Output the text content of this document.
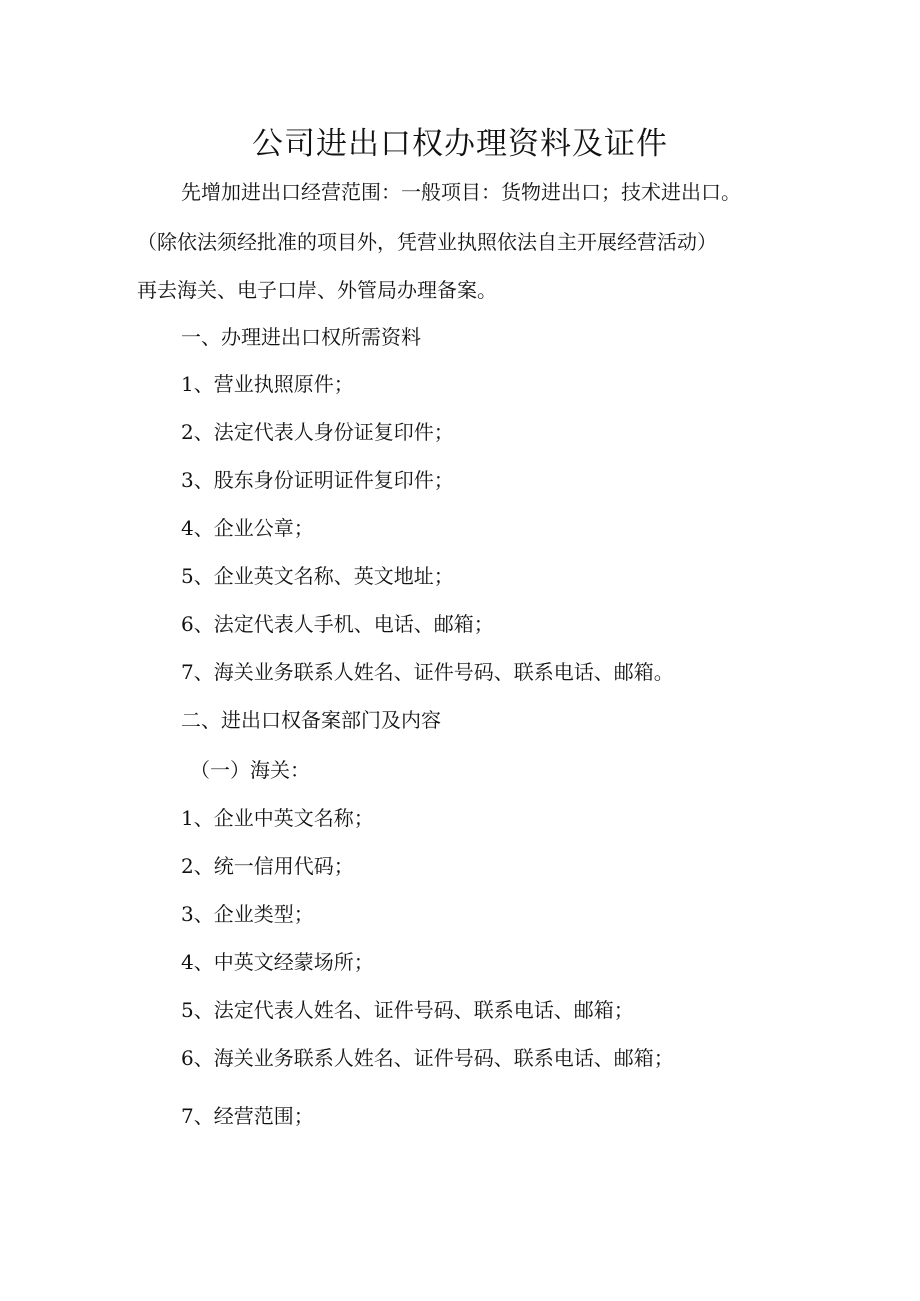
公司进出口权办理资料及证件
先增加进出口经营范围：一般项目：货物进出口；技术进出口。
（除依法须经批准的项目外，凭营业执照依法自主开展经营活动）
再去海关、电子口岸、外管局办理备案。
一、办理进出口权所需资料
1、营业执照原件；
2、法定代表人身份证复印件；
3、股东身份证明证件复印件；
4、企业公章；
5、企业英文名称、英文地址；
6、法定代表人手机、电话、邮箱；
7、海关业务联系人姓名、证件号码、联系电话、邮箱。
二、进出口权备案部门及内容
（一）海关：
1、企业中英文名称；
2、统一信用代码；
3、企业类型；
4、中英文经蒙场所；
5、法定代表人姓名、证件号码、联系电话、邮箱；
6、海关业务联系人姓名、证件号码、联系电话、邮箱；
7、经营范围；
